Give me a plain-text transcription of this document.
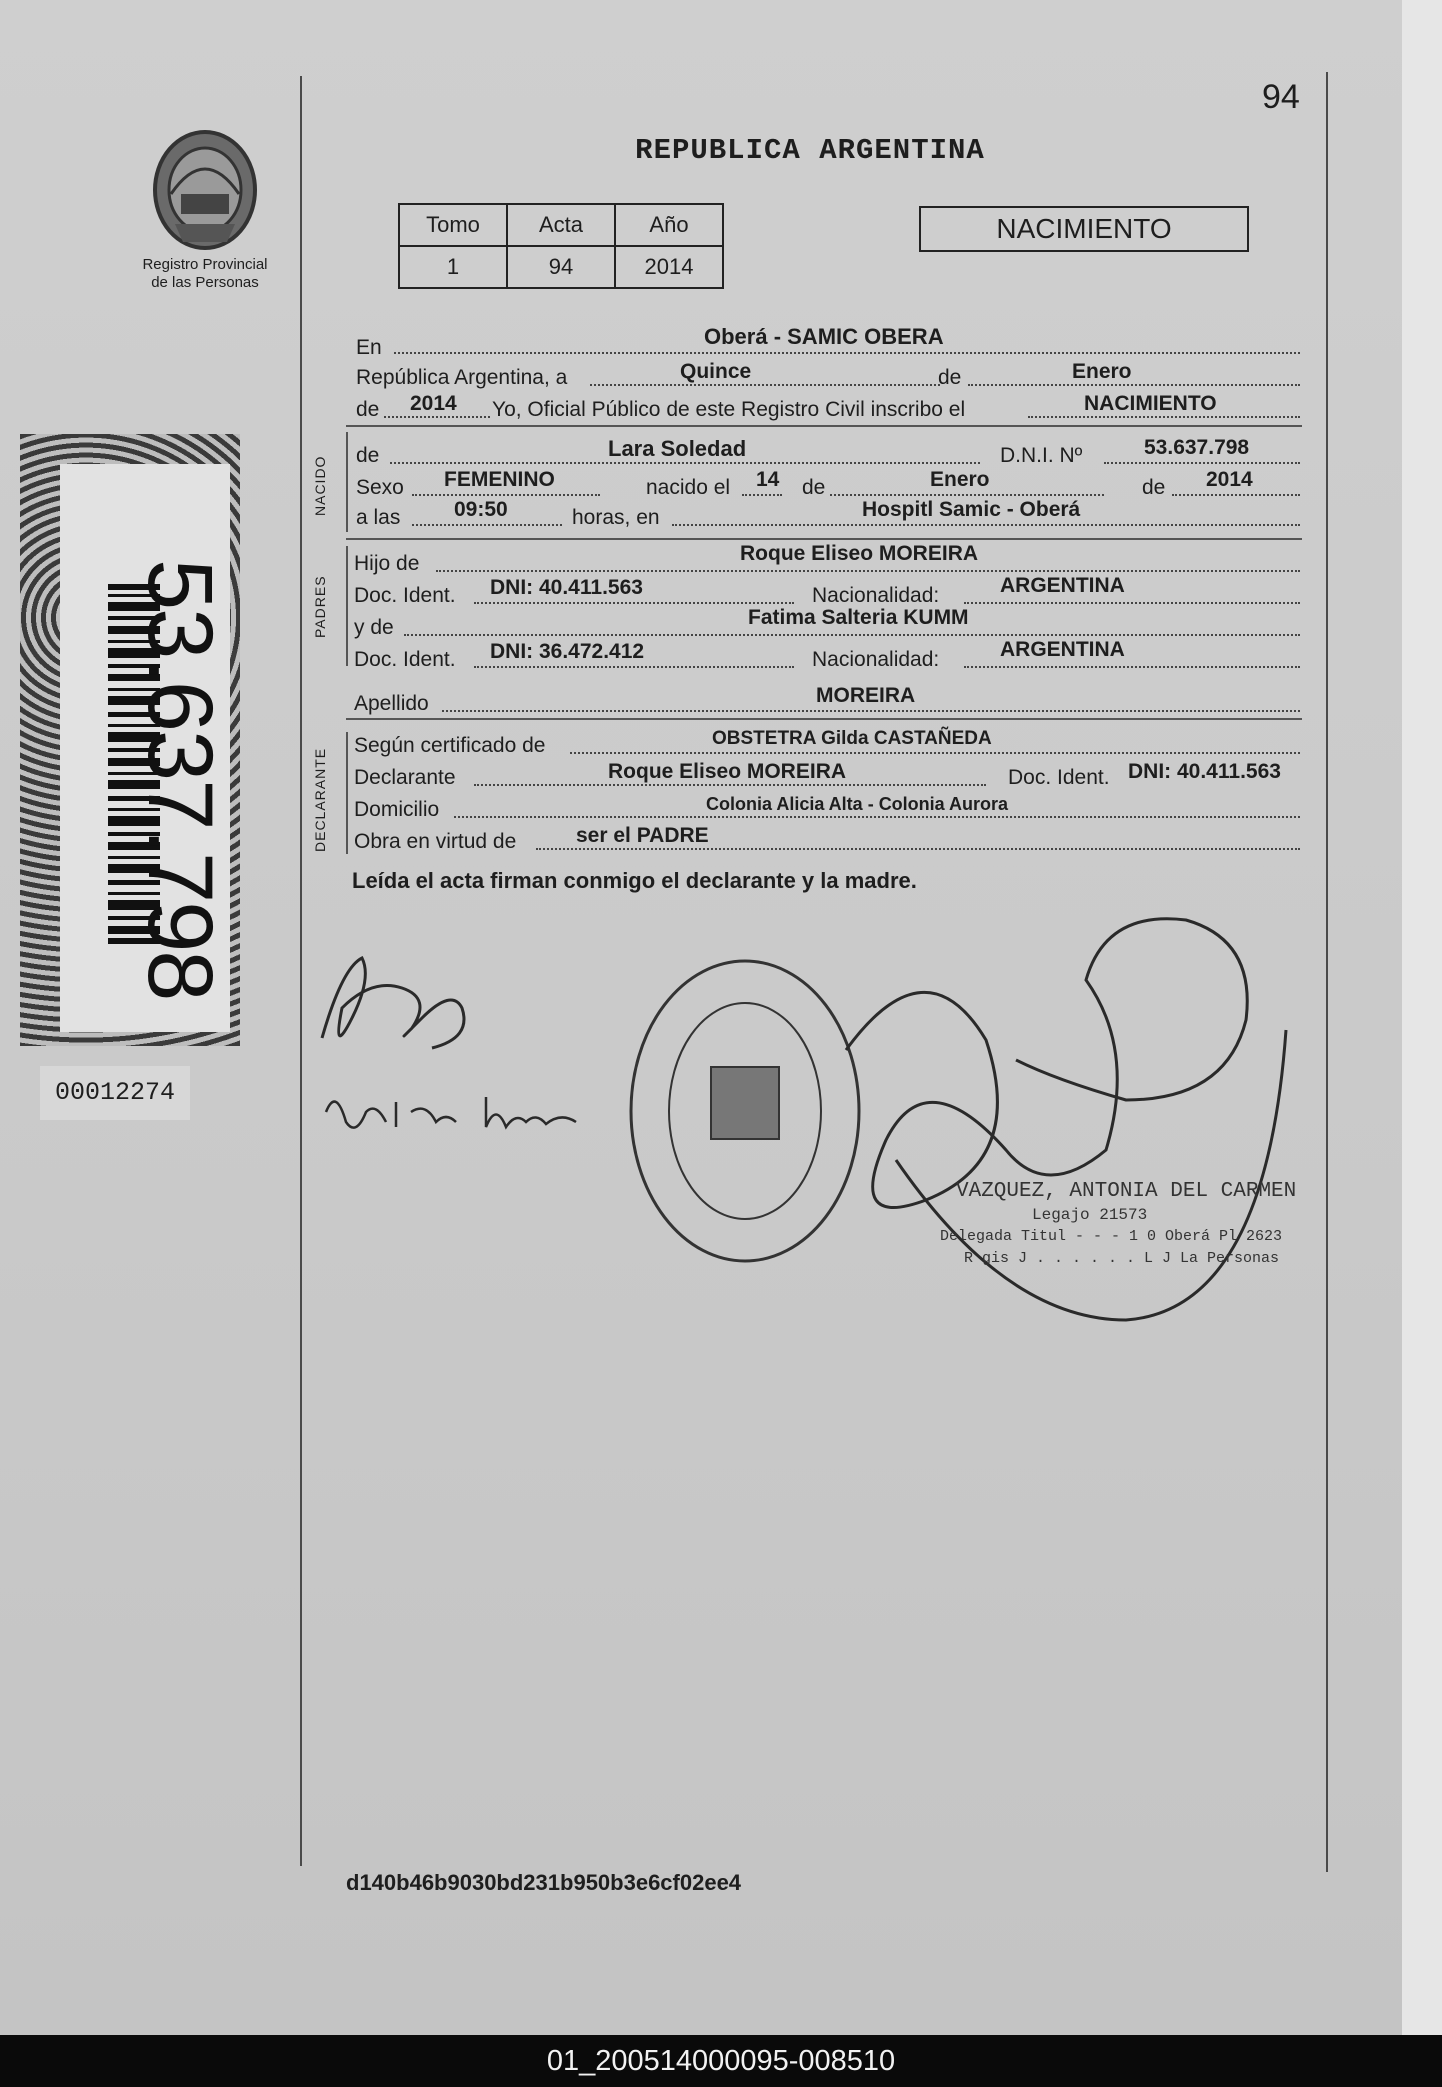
94
REPUBLICA ARGENTINA
Registro Provincial
de las Personas
53.637.798
00012274
Tomo	Acta	Año
1	94	2014
NACIMIENTO
En	Oberá - SAMIC OBERA
República Argentina, a	Quince	de	Enero
de 2014 Yo, Oficial Público de este Registro Civil inscribo el	NACIMIENTO
NACIDO
de	Lara Soledad	D.N.I. Nº	53.637.798
Sexo FEMENINO	nacido el 14 de	Enero	de 2014
a las	09:50	horas, en	Hospitl Samic - Oberá
PADRES
Hijo de	Roque Eliseo MOREIRA
Doc. Ident. DNI: 40.411.563	Nacionalidad:	ARGENTINA
y de	Fatima Salteria KUMM
Doc. Ident. DNI: 36.472.412	Nacionalidad:	ARGENTINA
Apellido	MOREIRA
DECLARANTE
Según certificado de	OBSTETRA Gilda CASTAÑEDA
Declarante	Roque Eliseo MOREIRA	Doc. Ident. DNI: 40.411.563
Domicilio	Colonia Alicia Alta - Colonia Aurora
Obra en virtud de	ser el PADRE
Leída el acta firman conmigo el declarante y la madre.
VAZQUEZ, ANTONIA DEL CARMEN
Legajo 21573
Delegada Titul - - - 1 0 Oberá Pl 2623
R gis J . . . . . . L J La Personas
d140b46b9030bd231b950b3e6cf02ee4
01_200514000095-008510
